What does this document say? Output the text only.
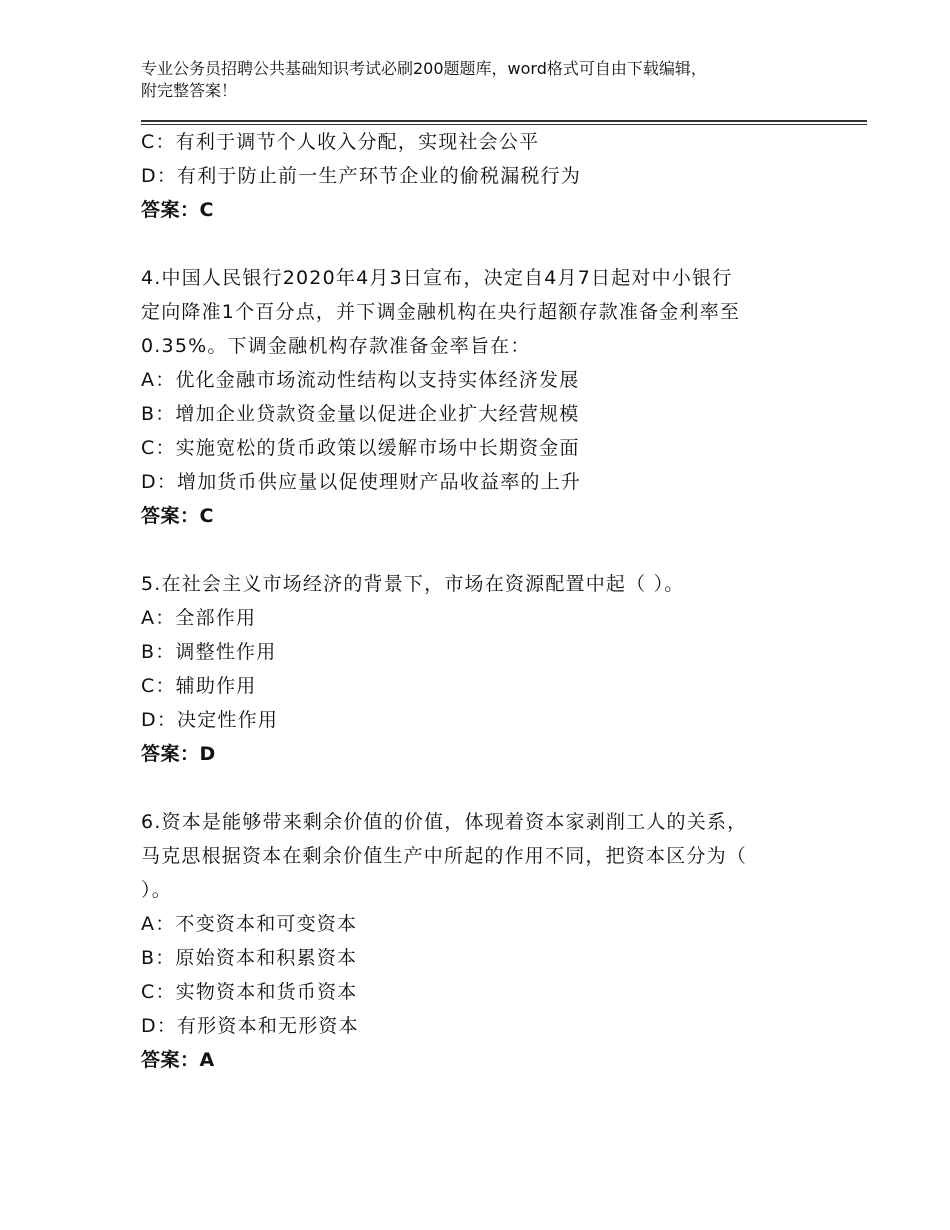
专业公务员招聘公共基础知识考试必刷200题题库，word格式可自由下载编辑，
附完整答案！
C：有利于调节个人收入分配，实现社会公平
D：有利于防止前一生产环节企业的偷税漏税行为
答案：C
4.中国人民银行2020年4月3日宣布，决定自4月7日起对中小银行
定向降准1个百分点，并下调金融机构在央行超额存款准备金利率至
0.35%。下调金融机构存款准备金率旨在：
A：优化金融市场流动性结构以支持实体经济发展
B：增加企业贷款资金量以促进企业扩大经营规模
C：实施宽松的货币政策以缓解市场中长期资金面
D：增加货币供应量以促使理财产品收益率的上升
答案：C
5.在社会主义市场经济的背景下，市场在资源配置中起（ ）。
A：全部作用
B：调整性作用
C：辅助作用
D：决定性作用
答案：D
6.资本是能够带来剩余价值的价值，体现着资本家剥削工人的关系，
马克思根据资本在剩余价值生产中所起的作用不同，把资本区分为（
）。
A：不变资本和可变资本
B：原始资本和积累资本
C：实物资本和货币资本
D：有形资本和无形资本
答案：A
